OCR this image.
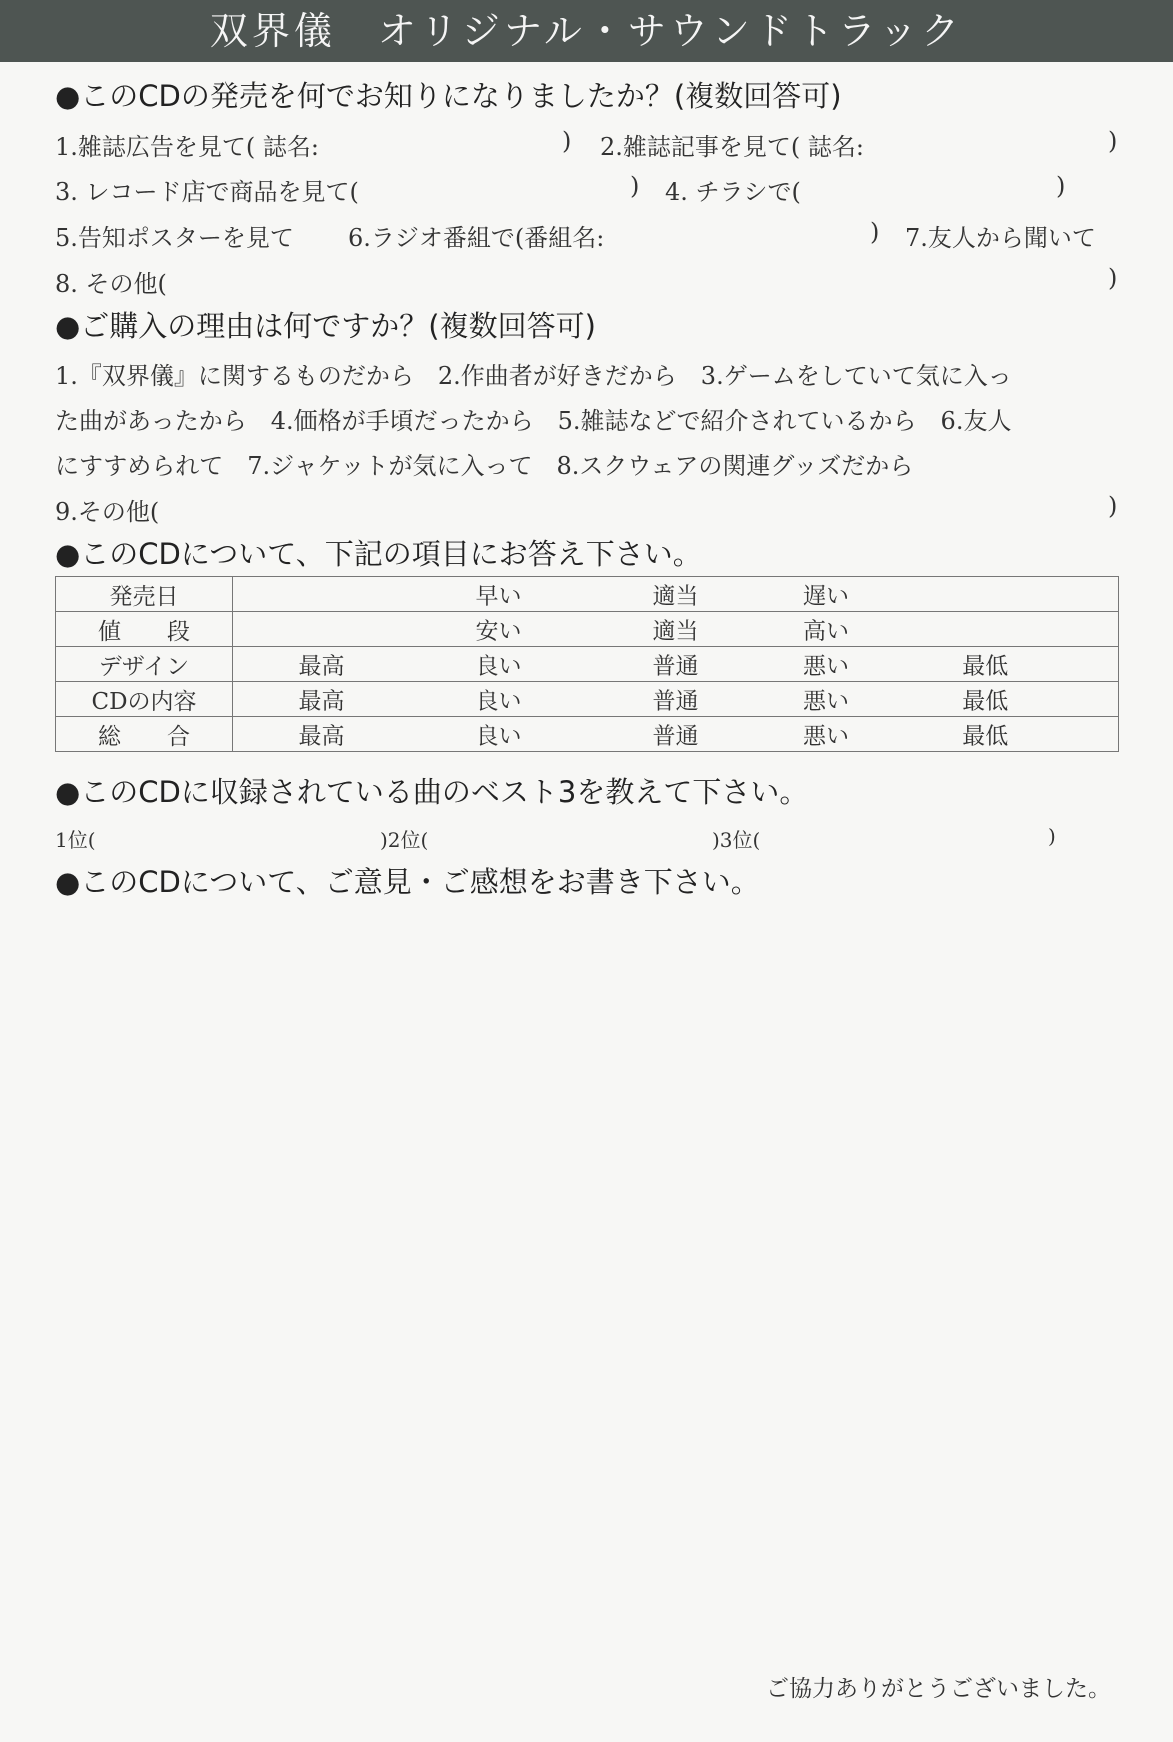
双界儀　オリジナル・サウンドトラック
●このCDの発売を何でお知りになりましたか？(複数回答可)
1.雑誌広告を見て( 誌名:	) 2.雑誌記事を見て( 誌名:	)
3. レコード店で商品を見て(	) 4. チラシで(	)
5.告知ポスターを見て 6.ラジオ番組で(番組名:	) 7.友人から聞いて
8. その他(	)
●ご購入の理由は何ですか？(複数回答可)
1.『双界儀』に関するものだから　2.作曲者が好きだから　3.ゲームをしていて気に入っ
た曲があったから　4.価格が手頃だったから　5.雑誌などで紹介されているから　6.友人
にすすめられて　7.ジャケットが気に入って　8.スクウェアの関連グッズだから
9.その他(	)
●このCDについて、下記の項目にお答え下さい。
発売日	早い 適当 遅い

値　　段	安い 適当 高い

デザイン	最高 良い 普通 悪い 最低

CDの内容	最高 良い 普通 悪い 最低

総　　合	最高 良い 普通 悪い 最低
●このCDに収録されている曲のベスト3を教えて下さい。
1位(	)2位(	)3位(	)
●このCDについて、ご意見・ご感想をお書き下さい。
ご協力ありがとうございました。
